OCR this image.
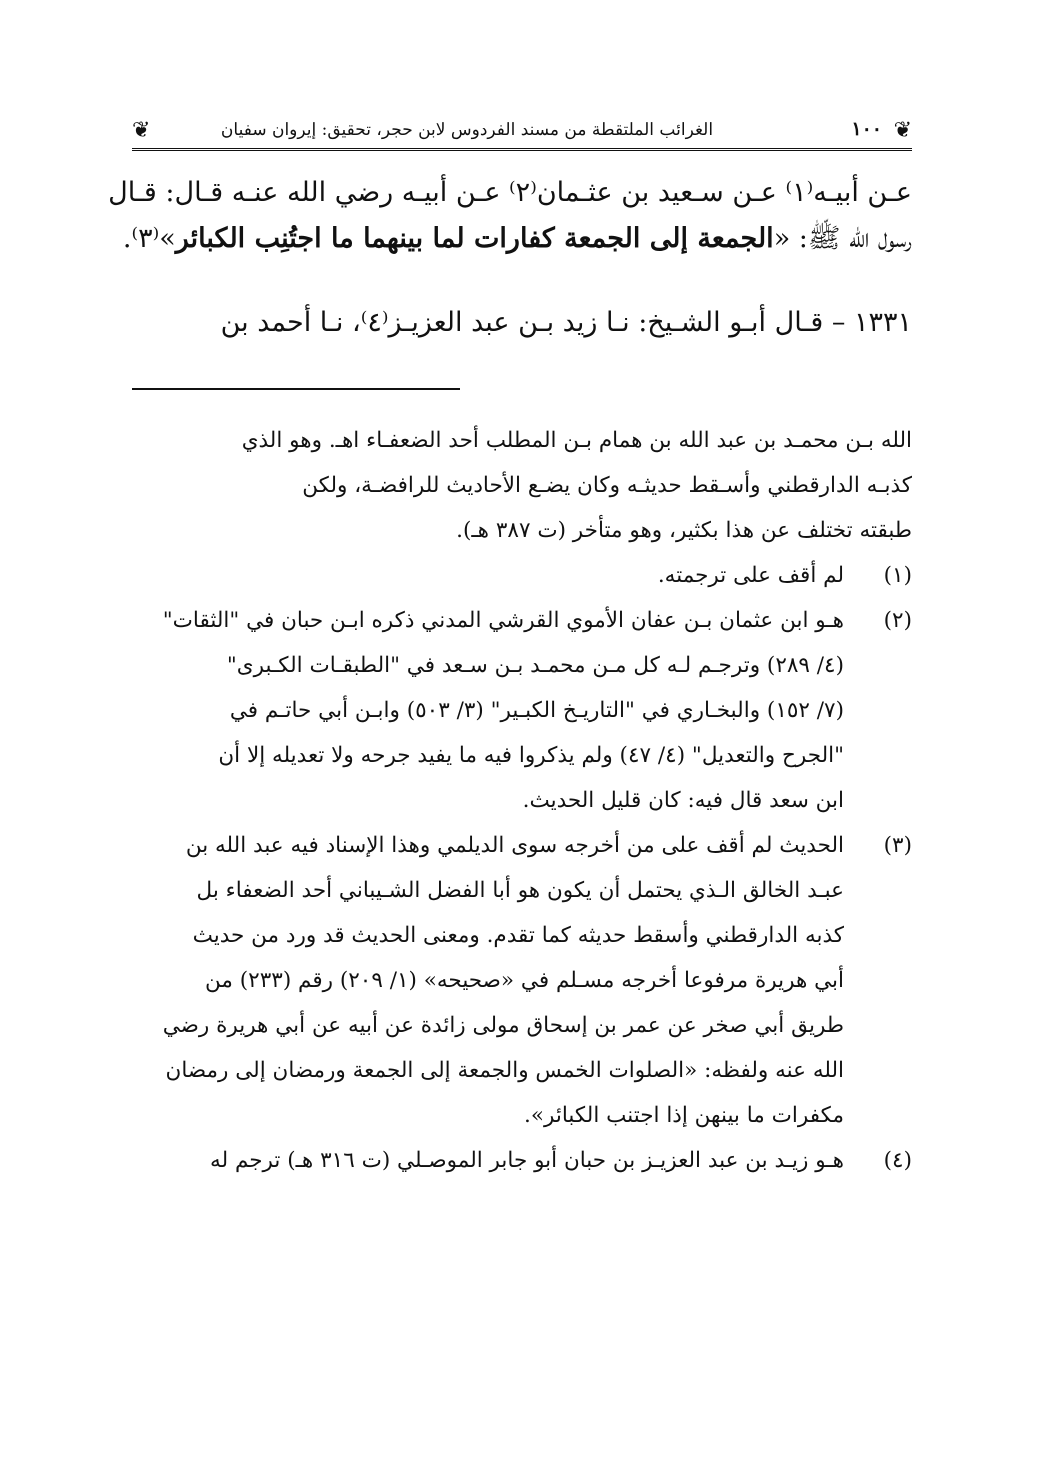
❦
١٠٠
الغرائب الملتقطة من مسند الفردوس لابن حجر، تحقيق: إيروان سفيان
❦
عـن أبيـه⁽١⁾ عـن سـعيد بن عثـمان⁽٢⁾ عـن أبيـه رضي الله عنـه قـال: قـال
رسول الله ﷺ: «الجمعة إلى الجمعة كفارات لما بينهما ما اجتُنِب الكبائر»⁽٣⁾.
١٣٣١ – قـال أبـو الشـيخ: نـا زيد بـن عبد العزيـز⁽٤⁾، نـا أحمد بن
الله بـن محمـد بن عبد الله بن همام بـن المطلب أحد الضعفـاء اهـ. وهو الذي
كذبـه الدارقطني وأسـقط حديثـه وكان يضـع الأحاديث للرافضـة، ولكن
طبقته تختلف عن هذا بكثير، وهو متأخر (ت ٣٨٧ هـ).
(١)
لم أقف على ترجمته.
(٢)
هـو ابن عثمان بـن عفان الأموي القرشي المدني ذكره ابـن حبان في "الثقات"
(٤/ ٢٨٩) وترجـم لـه كل مـن محمـد بـن سـعد في "الطبقـات الكـبرى"
(٧/ ١٥٢) والبخـاري في "التاريـخ الكبـير" (٣/ ٥٠٣) وابـن أبي حاتـم في
"الجرح والتعديل" (٤/ ٤٧) ولم يذكروا فيه ما يفيد جرحه ولا تعديله إلا أن
ابن سعد قال فيه: كان قليل الحديث.
(٣)
الحديث لم أقف على من أخرجه سوى الديلمي وهذا الإسناد فيه عبد الله بن
عبـد الخالق الـذي يحتمل أن يكون هو أبا الفضل الشـيباني أحد الضعفاء بل
كذبه الدارقطني وأسقط حديثه كما تقدم. ومعنى الحديث قد ورد من حديث
أبي هريرة مرفوعا أخرجه مسـلم في «صحيحه» (١/ ٢٠٩) رقم (٢٣٣) من
طريق أبي صخر عن عمر بن إسحاق مولى زائدة عن أبيه عن أبي هريرة رضي
الله عنه ولفظه: «الصلوات الخمس والجمعة إلى الجمعة ورمضان إلى رمضان
مكفرات ما بينهن إذا اجتنب الكبائر».
(٤)
هـو زيـد بن عبد العزيـز بن حبان أبو جابر الموصـلي (ت ٣١٦ هـ) ترجم له
